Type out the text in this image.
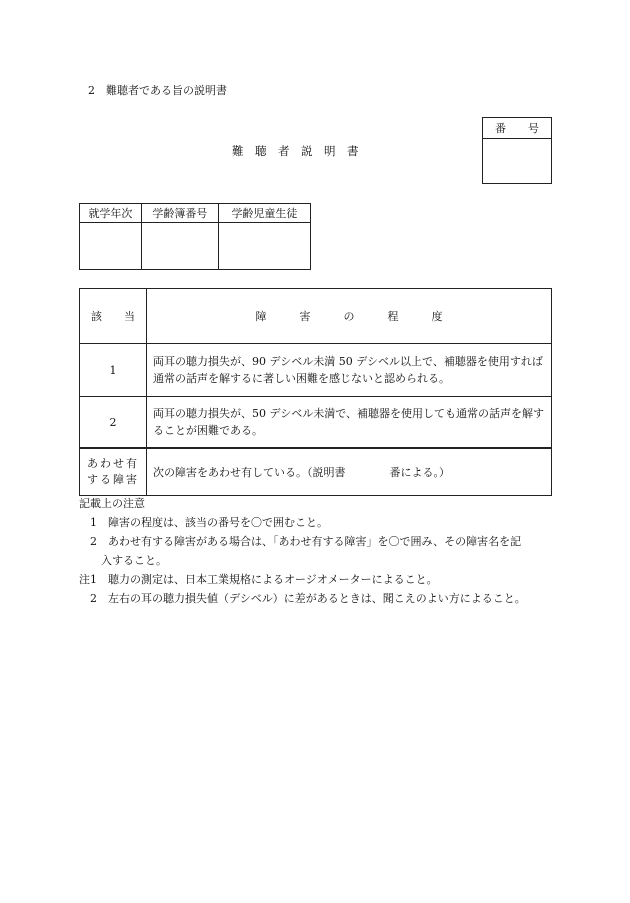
2　難聴者である旨の説明書
難　聴　者　説　明　書
番　　号

就学年次	学齢簿番号	学齢児童生徒

該　　当	障　　　害　　　の　　　程　　　度
1	両耳の聴力損失が、90 デシベル未満 50 デシベル以上で、補聴器を使用すれば通常の話声を解するに著しい困難を感じないと認められる。
2	両耳の聴力損失が、50 デシベル未満で、補聴器を使用しても通常の話声を解することが困難である。

あわせ有
する障害	次の障害をあわせ有している。（説明書　　　　番による。）
記載上の注意
　1　障害の程度は、該当の番号を〇で囲むこと。
　2　あわせ有する障害がある場合は、「あわせ有する障害」を〇で囲み、その障害名を記
　　入すること。
注1　聴力の測定は、日本工業規格によるオージオメーターによること。
　2　左右の耳の聴力損失値（デシベル）に差があるときは、聞こえのよい方によること。
